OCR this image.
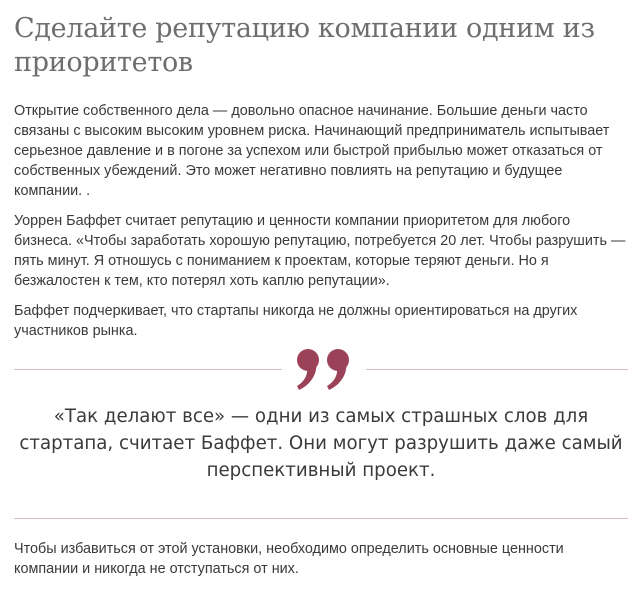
Сделайте репутацию компании одним из приоритетов

Открытие собственного дела — довольно опасное начинание. Большие деньги часто связаны с высоким высоким уровнем риска. Начинающий предприниматель испытывает серьезное давление и в погоне за успехом или быстрой прибылью может отказаться от собственных убеждений. Это может негативно повлиять на репутацию и будущее компании. .

Уоррен Баффет считает репутацию и ценности компании приоритетом для любого бизнеса. «Чтобы заработать хорошую репутацию, потребуется 20 лет. Чтобы разрушить — пять минут. Я отношусь с пониманием к проектам, которые теряют деньги. Но я безжалостен к тем, кто потерял хоть каплю репутации».

Баффет подчеркивает, что стартапы никогда не должны ориентироваться на других участников рынка.

«Так делают все» — одни из самых страшных слов для стартапа, считает Баффет. Они могут разрушить даже самый перспективный проект.

Чтобы избавиться от этой установки, необходимо определить основные ценности компании и никогда не отступаться от них.
